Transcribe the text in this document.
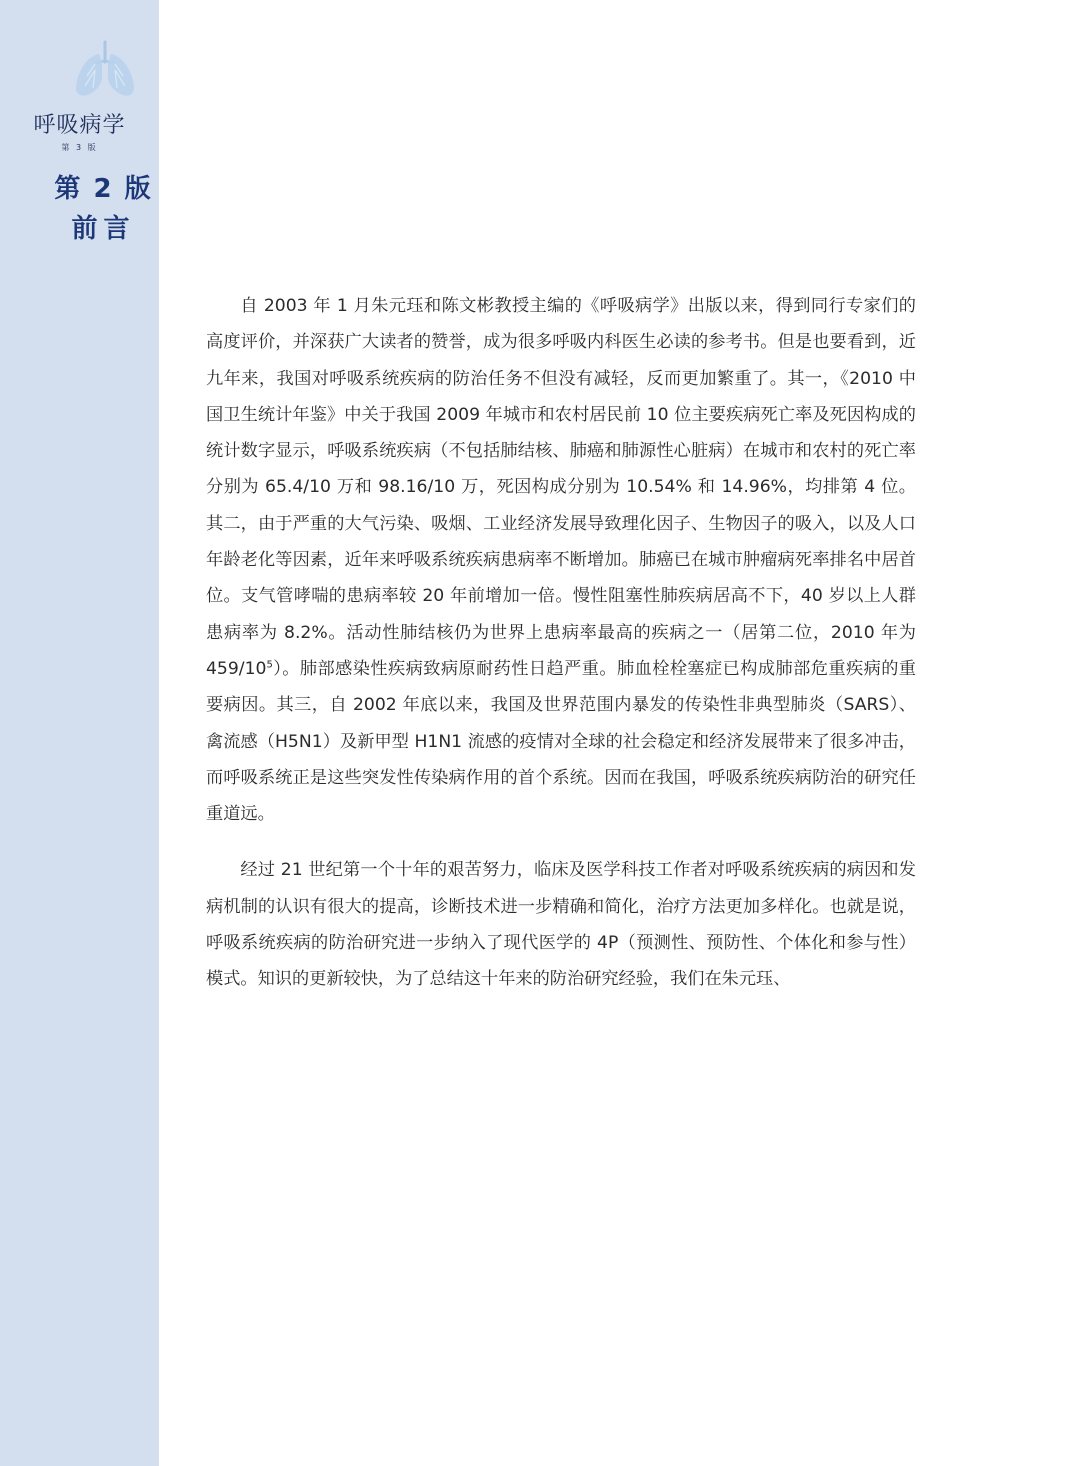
呼吸病学
第 3 版
第 2 版
前言

自 2003 年 1 月朱元珏和陈文彬教授主编的《呼吸病学》出版以来，得到同行专家们的高度评价，并深获广大读者的赞誉，成为很多呼吸内科医生必读的参考书。但是也要看到，近九年来，我国对呼吸系统疾病的防治任务不但没有减轻，反而更加繁重了。其一，《2010 中国卫生统计年鉴》中关于我国 2009 年城市和农村居民前 10 位主要疾病死亡率及死因构成的统计数字显示，呼吸系统疾病（不包括肺结核、肺癌和肺源性心脏病）在城市和农村的死亡率分别为 65.4/10 万和 98.16/10 万，死因构成分别为 10.54% 和 14.96%，均排第 4 位。其二，由于严重的大气污染、吸烟、工业经济发展导致理化因子、生物因子的吸入，以及人口年龄老化等因素，近年来呼吸系统疾病患病率不断增加。肺癌已在城市肿瘤病死率排名中居首位。支气管哮喘的患病率较 20 年前增加一倍。慢性阻塞性肺疾病居高不下，40 岁以上人群患病率为 8.2%。活动性肺结核仍为世界上患病率最高的疾病之一（居第二位，2010 年为 $459/10^5$）。肺部感染性疾病致病原耐药性日趋严重。肺血栓栓塞症已构成肺部危重疾病的重要病因。其三，自 2002 年底以来，我国及世界范围内暴发的传染性非典型肺炎（SARS）、禽流感（H5N1）及新甲型 H1N1 流感的疫情对全球的社会稳定和经济发展带来了很多冲击，而呼吸系统正是这些突发性传染病作用的首个系统。因而在我国，呼吸系统疾病防治的研究任重道远。

经过 21 世纪第一个十年的艰苦努力，临床及医学科技工作者对呼吸系统疾病的病因和发病机制的认识有很大的提高，诊断技术进一步精确和简化，治疗方法更加多样化。也就是说，呼吸系统疾病的防治研究进一步纳入了现代医学的 4P（预测性、预防性、个体化和参与性）模式。知识的更新较快，为了总结这十年来的防治研究经验，我们在朱元珏、
